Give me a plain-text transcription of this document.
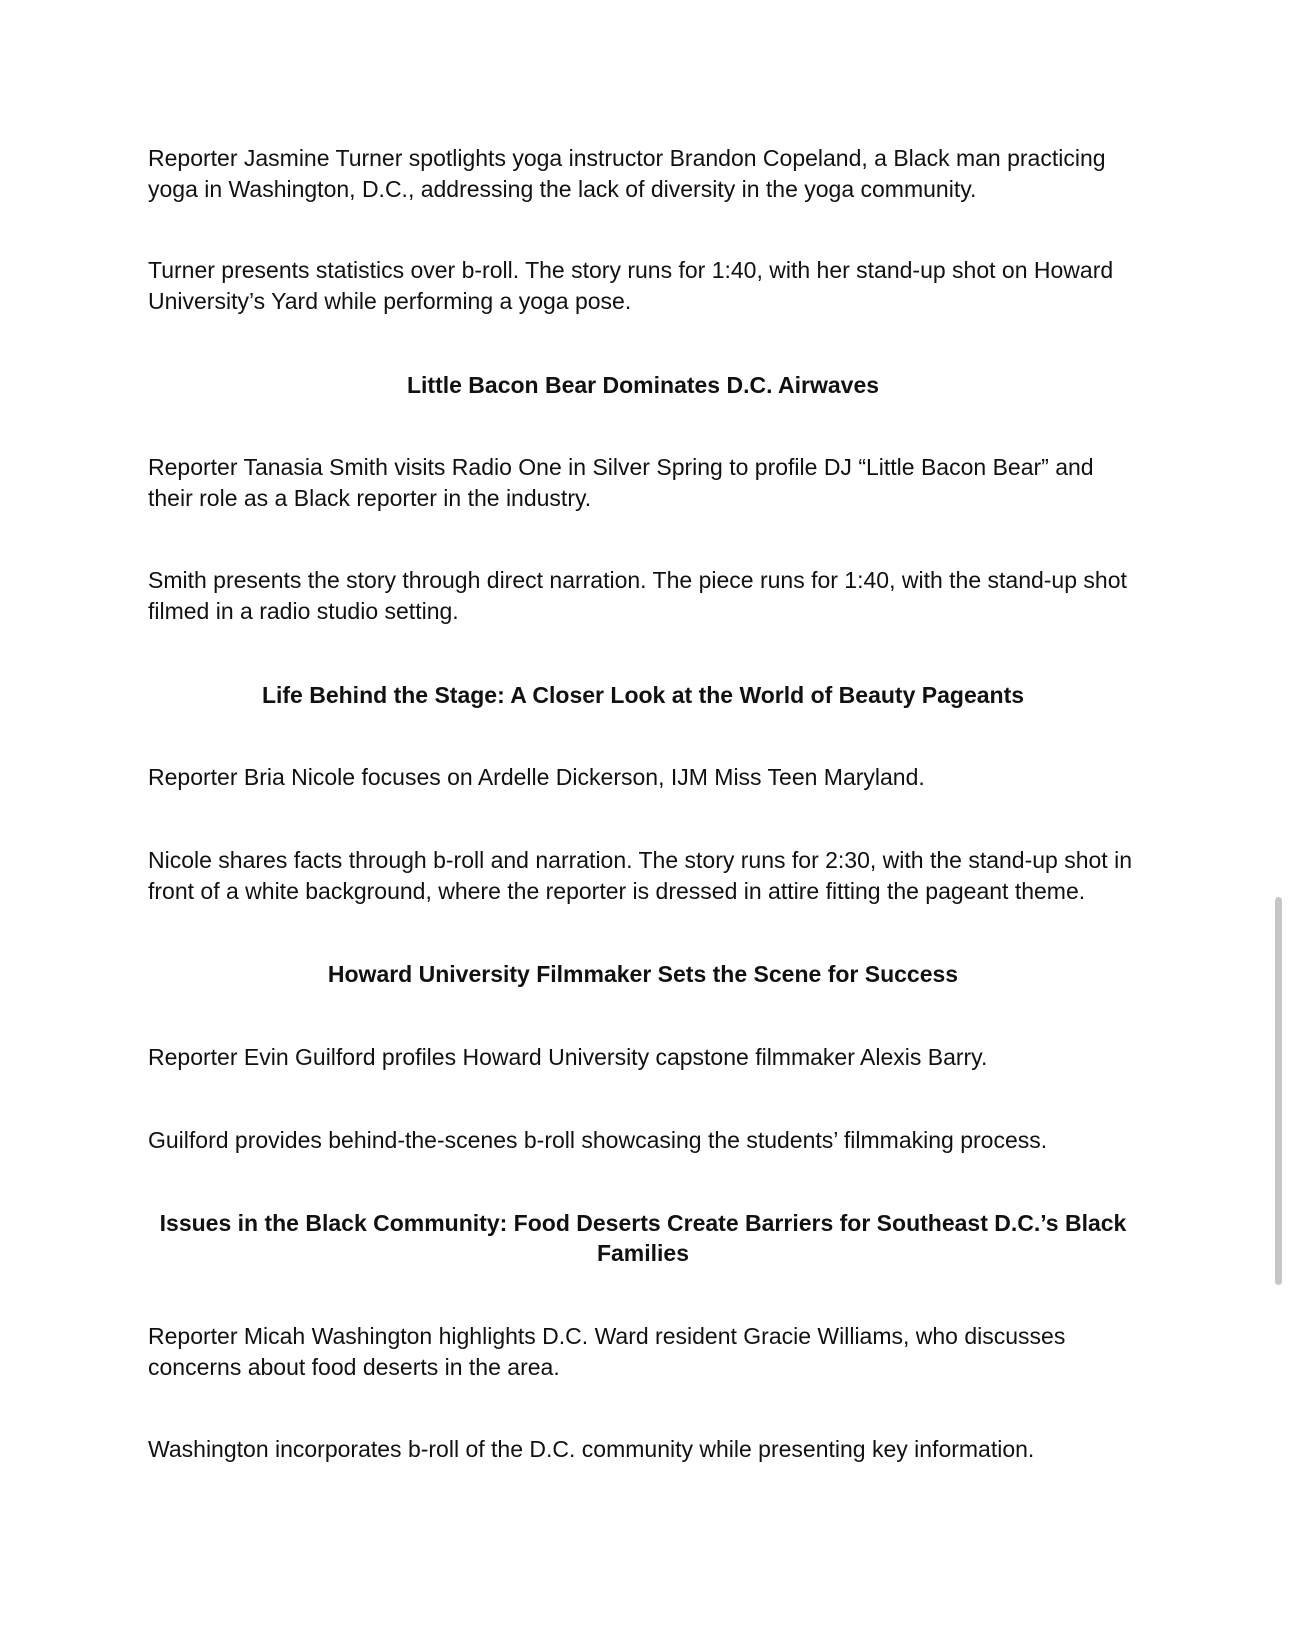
Reporter Jasmine Turner spotlights yoga instructor Brandon Copeland, a Black man practicing yoga in Washington, D.C., addressing the lack of diversity in the yoga community.

Turner presents statistics over b-roll. The story runs for 1:40, with her stand-up shot on Howard University’s Yard while performing a yoga pose.

Little Bacon Bear Dominates D.C. Airwaves

Reporter Tanasia Smith visits Radio One in Silver Spring to profile DJ “Little Bacon Bear” and their role as a Black reporter in the industry.

Smith presents the story through direct narration. The piece runs for 1:40, with the stand-up shot filmed in a radio studio setting.

Life Behind the Stage: A Closer Look at the World of Beauty Pageants

Reporter Bria Nicole focuses on Ardelle Dickerson, IJM Miss Teen Maryland.

Nicole shares facts through b-roll and narration. The story runs for 2:30, with the stand-up shot in front of a white background, where the reporter is dressed in attire fitting the pageant theme.

Howard University Filmmaker Sets the Scene for Success

Reporter Evin Guilford profiles Howard University capstone filmmaker Alexis Barry.

Guilford provides behind-the-scenes b-roll showcasing the students’ filmmaking process.

Issues in the Black Community: Food Deserts Create Barriers for Southeast D.C.’s Black Families

Reporter Micah Washington highlights D.C. Ward resident Gracie Williams, who discusses concerns about food deserts in the area.

Washington incorporates b-roll of the D.C. community while presenting key information.
